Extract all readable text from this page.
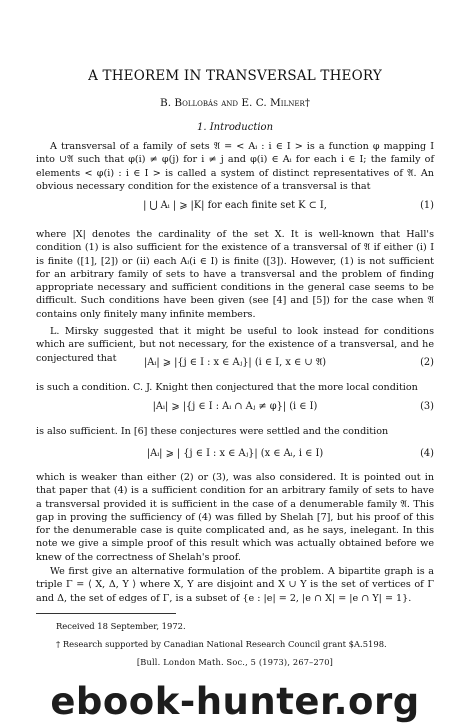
A THEOREM IN TRANSVERSAL THEORY
B. Bollobás and E. C. Milner†
1. Introduction
A transversal of a family of sets 𝔄 = < Aᵢ : i ∈ I > is a function φ mapping I into ∪𝔄 such that φ(i) ≠ φ(j) for i ≠ j and φ(i) ∈ Aᵢ for each i ∈ I; the family of elements < φ(i) : i ∈ I > is called a system of distinct representatives of 𝔄. An obvious necessary condition for the existence of a transversal is that
| ⋃ Aᵢ | ⩾ |K| for each finite set K ⊂ I,	(1)
where |X| denotes the cardinality of the set X. It is well-known that Hall's condition (1) is also sufficient for the existence of a transversal of 𝔄 if either (i) I is finite ([1], [2]) or (ii) each Aᵢ(i ∈ I) is finite ([3]). However, (1) is not sufficient for an arbitrary family of sets to have a transversal and the problem of finding appropriate necessary and sufficient conditions in the general case seems to be difficult. Such conditions have been given (see [4] and [5]) for the case when 𝔄 contains only finitely many infinite members.
L. Mirsky suggested that it might be useful to look instead for conditions which are sufficient, but not necessary, for the existence of a transversal, and he conjectured that	|Aᵢ| ⩾ |{j ∈ I : x ∈ Aⱼ}| (i ∈ I, x ∈ ∪ 𝔄)	(2)
is such a condition. C. J. Knight then conjectured that the more local condition
|Aᵢ| ⩾ |{j ∈ I : Aᵢ ∩ Aⱼ ≠ φ}| (i ∈ I)	(3)
is also sufficient. In [6] these conjectures were settled and the condition
|Aᵢ| ⩾ | {j ∈ I : x ∈ Aⱼ}| (x ∈ Aᵢ, i ∈ I)	(4)
which is weaker than either (2) or (3), was also considered. It is pointed out in that paper that (4) is a sufficient condition for an arbitrary family of sets to have a transversal provided it is sufficient in the case of a denumerable family 𝔄. This gap in proving the sufficiency of (4) was filled by Shelah [7], but his proof of this for the denumerable case is quite complicated and, as he says, inelegant. In this note we give a simple proof of this result which was actually obtained before we knew of the correctness of Shelah's proof.
We first give an alternative formulation of the problem. A bipartite graph is a triple Γ = ⟨ X, Δ, Y ⟩ where X, Y are disjoint and X ∪ Y is the set of vertices of Γ and Δ, the set of edges of Γ, is a subset of {e : |e| = 2, |e ∩ X| = |e ∩ Y| = 1}.
Received 18 September, 1972.
† Research supported by Canadian National Research Council grant $A.5198.
[Bull. London Math. Soc., 5 (1973), 267–270]
ebook-hunter.org
